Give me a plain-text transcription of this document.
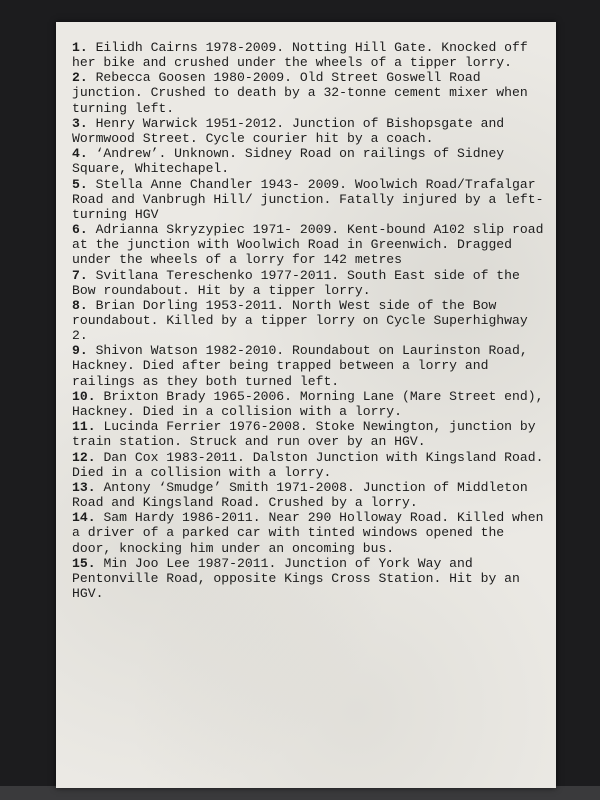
1. Eilidh Cairns 1978-2009. Notting Hill Gate. Knocked off her bike and crushed under the wheels of a tipper lorry.
2. Rebecca Goosen 1980-2009. Old Street Goswell Road junction. Crushed to death by a 32-tonne cement mixer when turning left.
3. Henry Warwick 1951-2012. Junction of Bishopsgate and Wormwood Street. Cycle courier hit by a coach.
4. ‘Andrew’. Unknown. Sidney Road on railings of Sidney Square, Whitechapel.
5. Stella Anne Chandler 1943- 2009. Woolwich Road/Trafalgar Road and Vanbrugh Hill/ junction. Fatally injured by a left-turning HGV
6. Adrianna Skryzypiec 1971- 2009. Kent-bound A102 slip road at the junction with Woolwich Road in Greenwich. Dragged under the wheels of a lorry for 142 metres
7. Svitlana Tereschenko 1977-2011. South East side of the Bow roundabout. Hit by a tipper lorry.
8. Brian Dorling 1953-2011. North West side of the Bow roundabout. Killed by a tipper lorry on Cycle Superhighway 2.
9. Shivon Watson 1982-2010. Roundabout on Laurinston Road, Hackney. Died after being trapped between a lorry and railings as they both turned left.
10. Brixton Brady 1965-2006. Morning Lane (Mare Street end), Hackney. Died in a collision with a lorry.
11. Lucinda Ferrier 1976-2008. Stoke Newington, junction by train station. Struck and run over by an HGV.
12. Dan Cox 1983-2011. Dalston Junction with Kingsland Road. Died in a collision with a lorry.
13. Antony ‘Smudge’ Smith 1971-2008. Junction of Middleton Road and Kingsland Road. Crushed by a lorry.
14. Sam Hardy 1986-2011. Near 290 Holloway Road. Killed when a driver of a parked car with tinted windows opened the door, knocking him under an oncoming bus.
15. Min Joo Lee 1987-2011. Junction of York Way and Pentonville Road, opposite Kings Cross Station. Hit by an HGV.
